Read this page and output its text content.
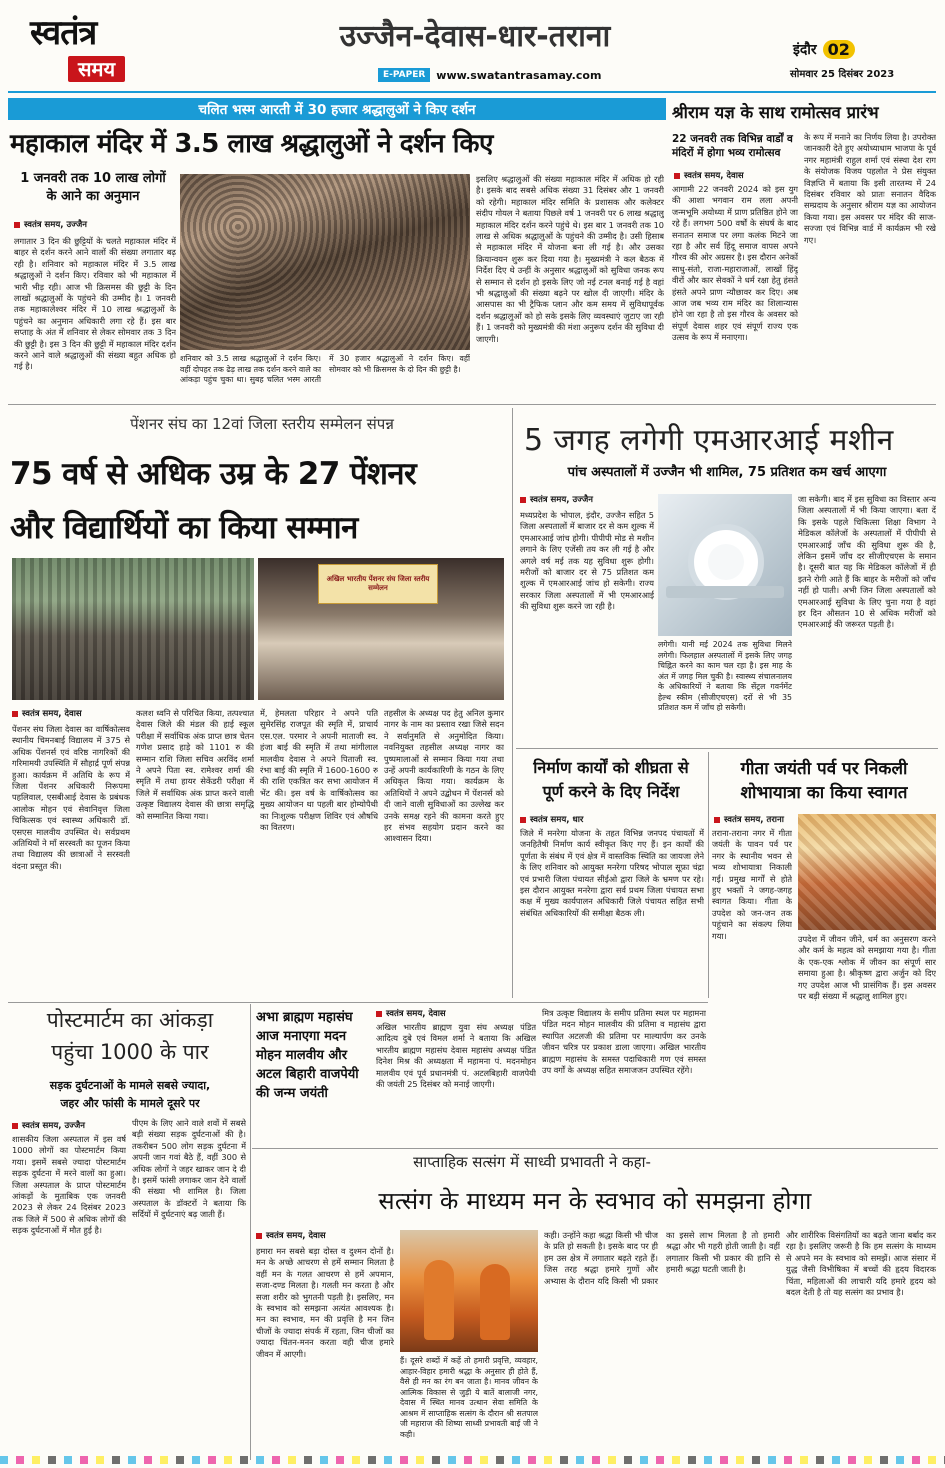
स्वतंत्र
समय
उज्जैन-देवास-धार-तराना
E-PAPER	www.swatantrasamay.com
इंदौर 02
सोमवार 25 दिसंबर 2023
चलित भस्म आरती में 30 हजार श्रद्धालुओं ने किए दर्शन
महाकाल मंदिर में 3.5 लाख श्रद्धालुओं ने दर्शन किए
1 जनवरी तक 10 लाख लोगों के आने का अनुमान
स्वतंत्र समय, उज्जैन
लगातार 3 दिन की छुट्टियों के चलते महाकाल मंदिर में बाहर से दर्शन करने आने वालों की संख्या लगातार बढ़ रही है। शनिवार को महाकाल मंदिर में 3.5 लाख श्रद्धालुओं ने दर्शन किए। रविवार को भी महाकाल में भारी भीड़ रही। आज भी क्रिसमस की छुट्टी के दिन लाखों श्रद्धालुओं के पहुंचने की उम्मीद है। 1 जनवरी तक महाकालेश्वर मंदिर में 10 लाख श्रद्धालुओं के पहुंचने का अनुमान अधिकारी लगा रहे हैं। इस बार सप्ताह के अंत में शनिवार से लेकर सोमवार तक 3 दिन की छुट्टी है। इस 3 दिन की छुट्टी में महाकाल मंदिर दर्शन करने आने वाले श्रद्धालुओं की संख्या बहुत अधिक हो गई है।
शनिवार को 3.5 लाख श्रद्धालुओं ने दर्शन किए। वहीं दोपहर तक ढेड़ लाख तक दर्शन करने वाले का आंकड़ा पहुंच चुका था। सुबह चलित भस्म आरती में 30 हजार श्रद्धालुओं ने दर्शन किए। वहीं सोमवार को भी क्रिसमस के दो दिन की छुट्टी है।
इसलिए श्रद्धालुओं की संख्या महाकाल मंदिर में अधिक हो रही है। इसके बाद सबसे अधिक संख्या 31 दिसंबर और 1 जनवरी को रहेगी। महाकाल मंदिर समिति के प्रशासक और कलेक्टर संदीप गोयल ने बताया पिछले वर्ष 1 जनवरी पर 6 लाख श्रद्धालु महाकाल मंदिर दर्शन करने पहुंचे थे। इस बार 1 जनवरी तक 10 लाख से अधिक श्रद्धालुओं के पहुंचने की उम्मीद है। उसी हिसाब से महाकाल मंदिर में योजना बना ली गई है। और उसका क्रियान्वयन शुरू कर दिया गया है। मुख्यमंत्री ने कल बैठक में निर्देश दिए थे उन्हीं के अनुसार श्रद्धालुओं को सुविधा जनक रूप से सम्मान से दर्शन हो इसके लिए जो नई टनल बनाई गई है वहां भी श्रद्धालुओं की संख्या बढ़ने पर खोल दी जाएगी। मंदिर के आसपास का भी ट्रैफिक प्लान और कम समय में सुविधापूर्वक दर्शन श्रद्धालुओं को हो सके इसके लिए व्यवस्थाएं जुटाए जा रही हैं। 1 जनवरी को मुख्यमंत्री की मंशा अनुरूप दर्शन की सुविधा दी जाएगी।
श्रीराम यज्ञ के साथ रामोत्सव प्रारंभ
22 जनवरी तक विभिन्न वार्डों व मंदिरों में होगा भव्य रामोत्सव
स्वतंत्र समय, देवास
आगामी 22 जनवरी 2024 को इस युग की आशा भगवान राम लला अपनी जन्मभूमि अयोध्या में प्राण प्रतिष्ठित होने जा रहे हैं। लगभग 500 वर्षों के संघर्ष के बाद सनातन समाज पर लगा कलंक मिटने जा रहा है और सर्व हिंदू समाज वापस अपने गौरव की ओर अग्रसर है। इस दौरान अनेकों साधु-संतो, राजा-महाराजाओं, लाखों हिंदू वीरों और कार सेवकों ने धर्म रक्षा हेतु हंसते हंसते अपने प्राण न्यौछावर कर दिए। अब आज जब भव्य राम मंदिर का शिलान्यास होने जा रहा है तो इस गौरव के अवसर को संपूर्ण देवास शहर एवं संपूर्ण राज्य एक उत्सव के रूप में मनाएगा।
के रूप में मनाने का निर्णय लिया है। उपरोक्त जानकारी देते हुए अयोध्याधाम भाजपा के पूर्व नगर महामंत्री राहुल शर्मा एवं संस्था देश राग के संयोजक विजय पहलोत ने प्रेस संयुक्त विज्ञप्ति में बताया कि इसी तारतम्य में 24 दिसंबर रविवार को प्रातः सनातन वैदिक सम्प्रदाय के अनुसार श्रीराम यज्ञ का आयोजन किया गया। इस अवसर पर मंदिर की साज-सज्जा एवं विभिन्न वार्ड में कार्यक्रम भी रखे गए।
पेंशनर संघ का 12वां जिला स्तरीय सम्मेलन संपन्न
75 वर्ष से अधिक उम्र के 27 पेंशनर
और विद्यार्थियों का किया सम्मान
अखिल भारतीय पेंशनर संघ जिला स्तरीय सम्मेलन
स्वतंत्र समय, देवास
पेंशनर संघ जिला देवास का वार्षिकोत्सव स्थानीय चिमनबाई विद्यालय में 375 से अधिक पेंशनर्स एवं वरिष्ठ नागरिकों की गरिमामयी उपस्थिति में सौहार्द्र पूर्ण संपन्न हुआ। कार्यक्रम में अतिथि के रूप में जिला पेंशनर अधिकारी निरूपमा पहलिवाल, एसबीआई देवास के प्रबंधक आलोक मोहन एवं सेवानिवृत्त जिला चिकित्सक एवं स्वास्थ्य अधिकारी डॉ. एसएस मालवीय उपस्थित थे। सर्वप्रथम अतिथियों ने माँ सरस्वती का पूजन किया तथा विद्यालय की छात्राओं ने सरस्वती वंदना प्रस्तुत की।
कलश ध्वनि से परिचित किया, तत्पश्चात देवास जिले की मंडल की हाई स्कूल परीक्षा में सर्वाधिक अंक प्राप्त छात्र चेतन गणेश प्रसाद हाड़े को 1101 रु की सम्मान राशि जिला सचिव अरविंद शर्मा ने अपने पिता स्व. रामेश्वर शर्मा की स्मृति में तथा हायर सेकेंडरी परीक्षा में जिले में सर्वाधिक अंक प्राप्त करने वाली उत्कृष्ट विद्यालय देवास की छात्रा समृद्धि को सम्मानित किया गया।
में, हेमलता परिहार ने अपने पति सुमेरसिंह राजपूत की स्मृति में, प्राचार्य एस.एल. परमार ने अपनी माताजी स्व. हंजा बाई की स्मृति में तथा मांगीलाल मालवीय देवास ने अपने पिताजी स्व. रंभा बाई की स्मृति में 1600-1600 रु की राशि एकत्रित कर सभा आयोजन में भेंट की। इस वर्ष के वार्षिकोत्सव का मुख्य आयोजन था पहली बार होम्योपैथी का निःशुल्क परीक्षण शिविर एवं औषधि का वितरण।
तहसील के अध्यक्ष पद हेतु अनिल कुमार नागर के नाम का प्रस्ताव रखा जिसे सदन ने सर्वानुमति से अनुमोदित किया। नवनियुक्त तहसील अध्यक्ष नागर का पुष्पमालाओं से सम्मान किया गया तथा उन्हें अपनी कार्यकारिणी के गठन के लिए अधिकृत किया गया। कार्यक्रम के अतिथियों ने अपने उद्बोधन में पेंशनर्स को दी जाने वाली सुविधाओं का उल्लेख कर उनके समक्ष रहने की कामना करते हुए हर संभव सहयोग प्रदान करने का आश्वासन दिया।
5 जगह लगेगी एमआरआई मशीन
पांच अस्पतालों में उज्जैन भी शामिल, 75 प्रतिशत कम खर्च आएगा
स्वतंत्र समय, उज्जैन
मध्यप्रदेश के भोपाल, इंदौर, उज्जैन सहित 5 जिला अस्पतालों में बाजार दर से कम शुल्क में एमआरआई जांच होगी। पीपीपी मोड से मशीन लगाने के लिए एजेंसी तय कर ली गई है और अगले वर्ष मई तक यह सुविधा शुरू होगी। मरीजों को बाजार दर से 75 प्रतिशत कम शुल्क में एमआरआई जांच हो सकेगी। राज्य सरकार जिला अस्पतालों में भी एमआरआई की सुविधा शुरू करने जा रही है।
लगेगी। यानी मई 2024 तक सुविधा मिलने लगेगी। फिलहाल अस्पतालों में इसके लिए जगह चिह्नित करने का काम चल रहा है। इस माह के अंत में जगह मिल चुकी है। स्वास्थ्य संचालनालय के अधिकारियों ने बताया कि सेंट्रल गवर्नमेंट हेल्थ स्कीम (सीजीएचएस) दरों से भी 35 प्रतिशत कम में जाँच हो सकेगी।
जा सकेगी। बाद में इस सुविधा का विस्तार अन्य जिला अस्पतालों में भी किया जाएगा। बता दें कि इसके पहले चिकित्सा शिक्षा विभाग ने मेडिकल कॉलेजों के अस्पतालों में पीपीपी से एमआरआई जाँच की सुविधा शुरू की है, लेकिन इसमें जाँच दर सीजीएचएस के समान है। दूसरी बात यह कि मेडिकल कॉलेजों में ही इतने रोगी आते हैं कि बाहर के मरीजों को जाँच नहीं हो पाती। अभी जिन जिला अस्पतालों को एमआरआई सुविधा के लिए चुना गया है वहां हर दिन औसतन 10 से अधिक मरीजों को एमआरआई की जरूरत पड़ती है।
निर्माण कार्यों को शीघ्रता से
पूर्ण करने के दिए निर्देश
स्वतंत्र समय, धार
जिले में मनरेगा योजना के तहत विभिन्न जनपद पंचायतों में जनहितैषी निर्माण कार्य स्वीकृत किए गए हैं। इन कार्यों की पूर्णता के संबंध में एवं क्षेत्र में वास्तविक स्थिति का जायजा लेने के लिए शनिवार को आयुक्त मनरेगा परिषद भोपाल सूफ़ा चंद्रा एवं प्रभारी जिला पंचायत सीईओ द्वारा जिले के भ्रमण पर रहे। इस दौरान आयुक्त मनरेगा द्वारा सर्व प्रथम जिला पंचायत सभा कक्ष में मुख्य कार्यपालन अधिकारी जिले पंचायत सहित सभी संबंधित अधिकारियों की समीक्षा बैठक ली।
गीता जयंती पर्व पर निकली
शोभायात्रा का किया स्वागत
स्वतंत्र समय, तराना
तराना-तराना नगर में गीता जयंती के पावन पर्व पर नगर के स्थानीय भवन से भव्य शोभायात्रा निकाली गई। प्रमुख मार्गों से होते हुए भक्तों ने जगह-जगह स्वागत किया। गीता के उपदेश को जन-जन तक पहुंचाने का संकल्प लिया गया।	उपदेश में जीवन जीने, धर्म का अनुसरण करने और कर्म के महत्व को समझाया गया है। गीता के एक-एक श्लोक में जीवन का संपूर्ण सार समाया हुआ है। श्रीकृष्ण द्वारा अर्जुन को दिए गए उपदेश आज भी प्रासंगिक हैं। इस अवसर पर बड़ी संख्या में श्रद्धालु शामिल हुए।
पोस्टमार्टम का आंकड़ा
पहुंचा 1000 के पार
सड़क दुर्घटनाओं के मामले सबसे ज्यादा,
जहर और फांसी के मामले दूसरे पर
स्वतंत्र समय, उज्जैन
शासकीय जिला अस्पताल में इस वर्ष 1000 लोगों का पोस्टमार्टम किया गया। इसमें सबसे ज्यादा पोस्टमार्टम सड़क दुर्घटना में मरने वालों का हुआ। जिला अस्पताल के प्राप्त पोस्टमार्टम आंकड़ों के मुताबिक एक जनवरी 2023 से लेकर 24 दिसंबर 2023 तक जिले में 500 से अधिक लोगों की सड़क दुर्घटनाओं में मौत हुई है।
पीएम के लिए आने वाले शवों में सबसे बड़ी संख्या सड़क दुर्घटनाओं की है। तकरीबन 500 लोग सड़क दुर्घटना में अपनी जान गवां बैठे हैं, वहीं 300 से अधिक लोगों ने जहर खाकर जान दे दी है। इसमें फांसी लगाकर जान देने वालों की संख्या भी शामिल है। जिला अस्पताल के डॉक्टरों ने बताया कि सर्दियों में दुर्घटनाएं बढ़ जाती हैं।
अभा ब्राह्मण महासंघ
आज मनाएगा मदन
मोहन मालवीय और
अटल बिहारी वाजपेयी
की जन्म जयंती
स्वतंत्र समय, देवास
अखिल भारतीय ब्राह्मण युवा संघ अध्यक्ष पंडित आदित्य दुबे एवं विमल शर्मा ने बताया कि अखिल भारतीय ब्राह्मण महासंघ देवास महासंघ अध्यक्ष पंडित दिनेश मिश्र की अध्यक्षता में महामना पं. मदनमोहन मालवीय एवं पूर्व प्रधानमंत्री पं. अटलबिहारी वाजपेयी की जयंती 25 दिसंबर को मनाई जाएगी।
मित्र उत्कृष्ट विद्यालय के समीप प्रतिमा स्थल पर महामना पंडित मदन मोहन मालवीय की प्रतिमा व महासंघ द्वारा स्थापित अटलजी की प्रतिमा पर माल्यार्पण कर उनके जीवन चरित्र पर प्रकाश डाला जाएगा। अखिल भारतीय ब्राह्मण महासंघ के समस्त पदाधिकारी गण एवं समस्त उप वर्गों के अध्यक्ष सहित समाजजन उपस्थित रहेंगे।
साप्ताहिक सत्संग में साध्वी प्रभावती ने कहा-
सत्संग के माध्यम मन के स्वभाव को समझना होगा
स्वतंत्र समय, देवास
हमारा मन सबसे बड़ा दोस्त व दुश्मन दोनों है। मन के अच्छे आचरण से हमें सम्मान मिलता है वहीं मन के गलत आचरण से हमें अपमान, सजा-दण्ड मिलता है। गलती मन करता है और सजा शरीर को भुगतनी पड़ती है। इसलिए, मन के स्वभाव को समझना अत्यंत आवश्यक है। मन का स्वभाव, मन की प्रवृत्ति है मन जिन चीजों के ज्यादा संपर्क में रहता, जिन चीजों का ज्यादा चिंतन-मनन करता वही चीज हमारे जीवन में आएगी।
हैं। दूसरे शब्दों में कहें तो हमारी प्रवृत्ति, व्यवहार, आहार-विहार हमारी श्रद्धा के अनुसार ही होते हैं, वैसे ही मन का रंग बन जाता है। मानव जीवन के आत्मिक विकास से जुड़ी ये बातें बालाजी नगर, देवास में स्थित मानव उत्थान सेवा समिति के आश्रम में साप्ताहिक सत्संग के दौरान श्री सतपाल जी महाराज की शिष्या साध्वी प्रभावती बाई जी ने कही।
कही। उन्होंने कहा श्रद्धा किसी भी चीज के प्रति हो सकती है। इसके बाद पर ही हम उस क्षेत्र में लगातार बढ़ते रहते हैं। जिस तरह श्रद्धा हमारे गुणों और अभ्यास के दौरान यदि किसी भी प्रकार का इससे लाभ मिलता है तो हमारी श्रद्धा और भी गहरी होती जाती है। वहीं लगातार किसी भी प्रकार की हानि से हमारी श्रद्धा घटती जाती है।
और शारीरिक विसंगतियों का बढ़ते जाना बर्बाद कर रहा है। इसलिए जरूरी है कि हम सत्संग के माध्यम से अपने मन के स्वभाव को समझें। आज संसार में युद्ध जैसी विभीषिका में बच्चों की हृदय विदारक चिंता, महिलाओं की लाचारी यदि हमारे हृदय को बदल देती है तो यह सत्संग का प्रभाव है।
